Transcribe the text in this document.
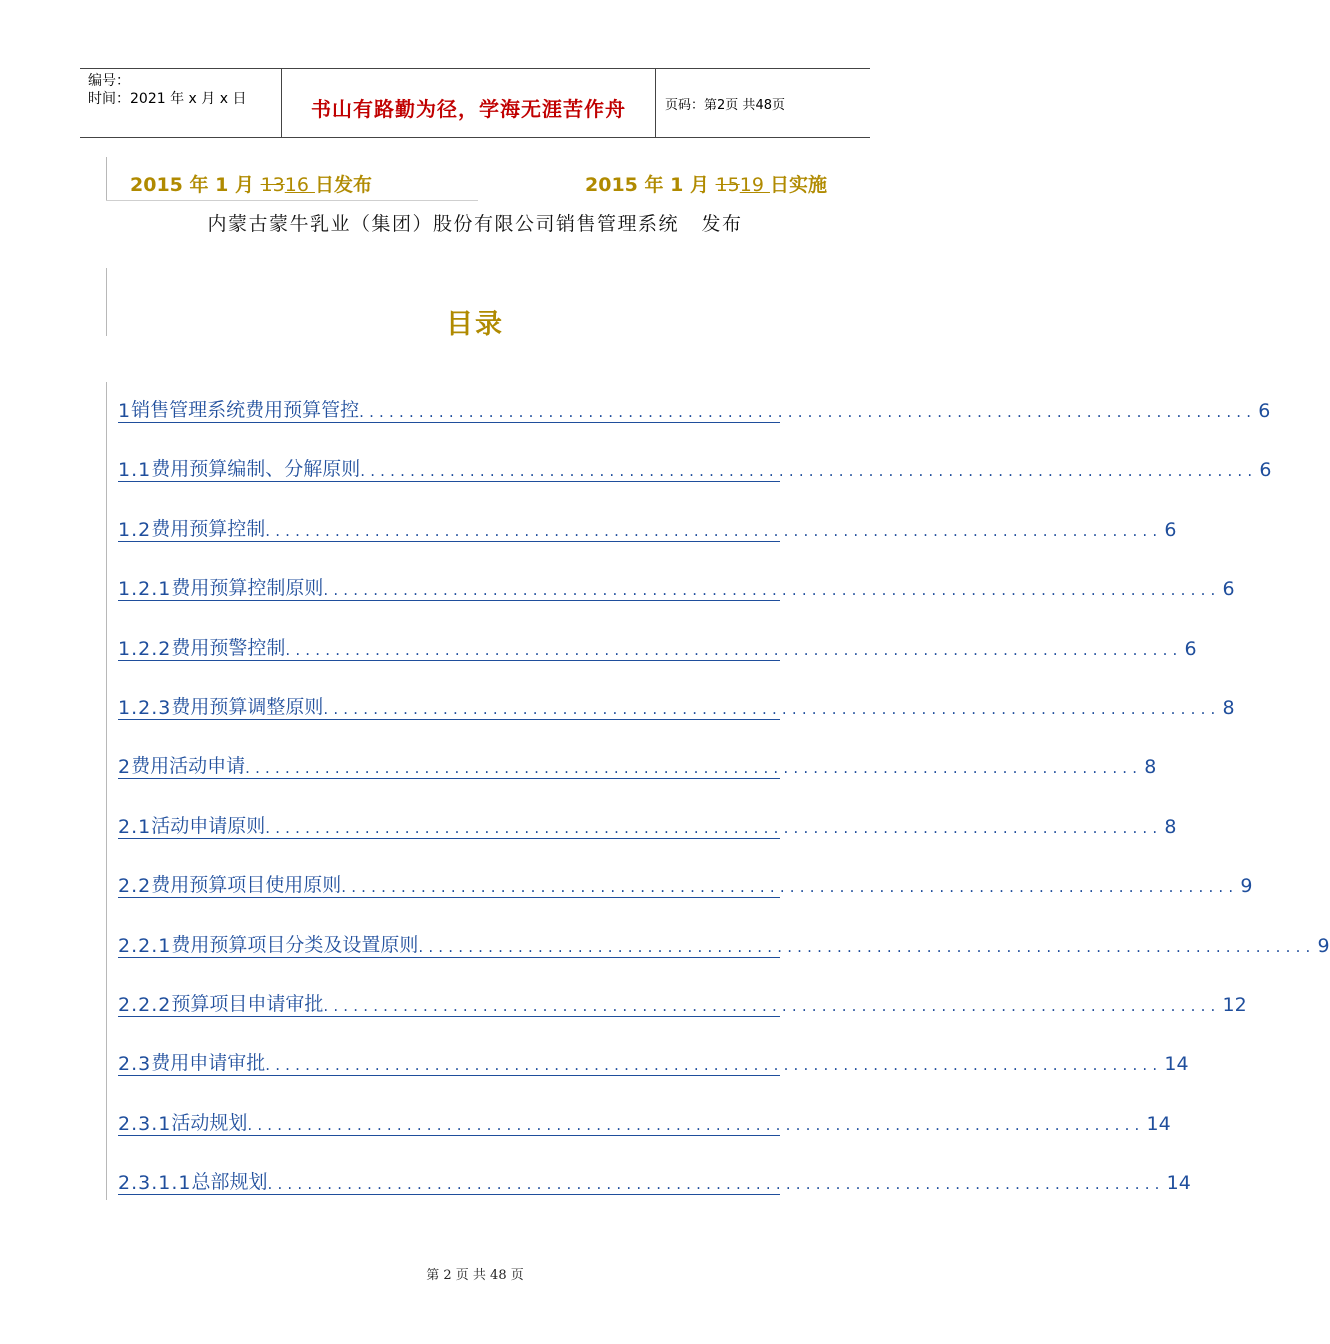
编号：
时间：2021 年 x 月 x 日	书山有路勤为径，学海无涯苦作舟	页码：第2页 共48页
2015 年 1 月 1316 日发布	2015 年 1 月 1519 日实施
内蒙古蒙牛乳业（集团）股份有限公司销售管理系统   发布
目录
1 销售管理系统费用预算管控 .......................................................................................... 6
1.1 费用预算编制、分解原则 .......................................................................................... 6
1.2 费用预算控制 .......................................................................................... 6
1.2.1 费用预算控制原则 .......................................................................................... 6
1.2.2 费用预警控制 .......................................................................................... 6
1.2.3 费用预算调整原则 .......................................................................................... 8
2 费用活动申请 .......................................................................................... 8
2.1 活动申请原则 .......................................................................................... 8
2.2 费用预算项目使用原则 .......................................................................................... 9
2.2.1 费用预算项目分类及设置原则 .......................................................................................... 9
2.2.2 预算项目申请审批 .......................................................................................... 12
2.3 费用申请审批 .......................................................................................... 14
2.3.1 活动规划 .......................................................................................... 14
2.3.1.1 总部规划 .......................................................................................... 14
第 2 页 共 48 页
